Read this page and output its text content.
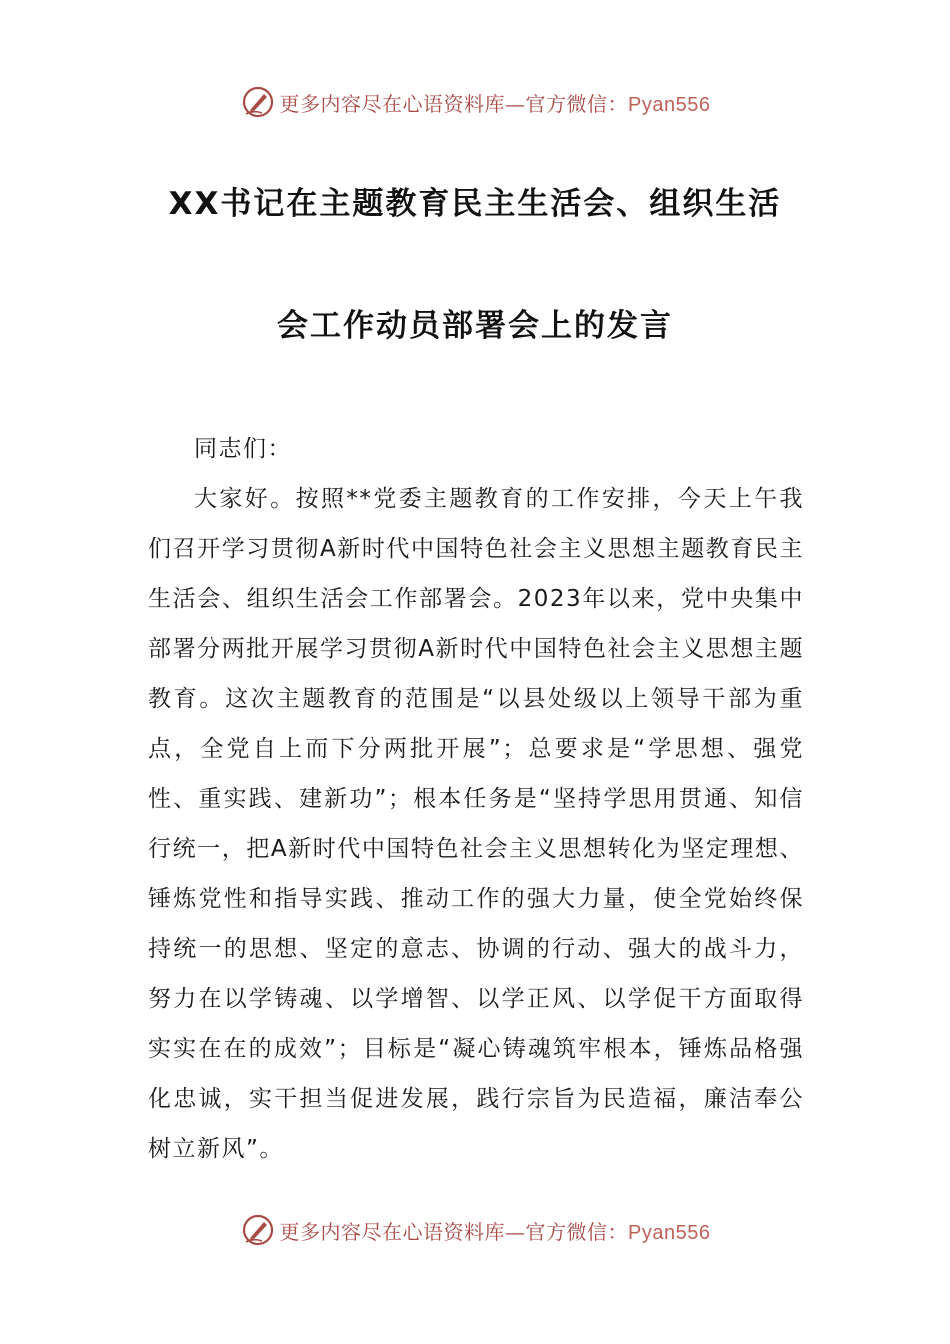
更多内容尽在心语资料库—官方微信：Pyan556
XX书记在主题教育民主生活会、组织生活
会工作动员部署会上的发言

同志们：

大家好。按照**党委主题教育的工作安排，今天上午我们召开学习贯彻A新时代中国特色社会主义思想主题教育民主生活会、组织生活会工作部署会。2023年以来，党中央集中部署分两批开展学习贯彻A新时代中国特色社会主义思想主题教育。这次主题教育的范围是“以县处级以上领导干部为重点，全党自上而下分两批开展”；总要求是“学思想、强党性、重实践、建新功”；根本任务是“坚持学思用贯通、知信行统一，把A新时代中国特色社会主义思想转化为坚定理想、锤炼党性和指导实践、推动工作的强大力量，使全党始终保持统一的思想、坚定的意志、协调的行动、强大的战斗力，努力在以学铸魂、以学增智、以学正风、以学促干方面取得实实在在的成效”；目标是“凝心铸魂筑牢根本，锤炼品格强化忠诚，实干担当促进发展，践行宗旨为民造福，廉洁奉公树立新风”。

更多内容尽在心语资料库—官方微信：Pyan556
